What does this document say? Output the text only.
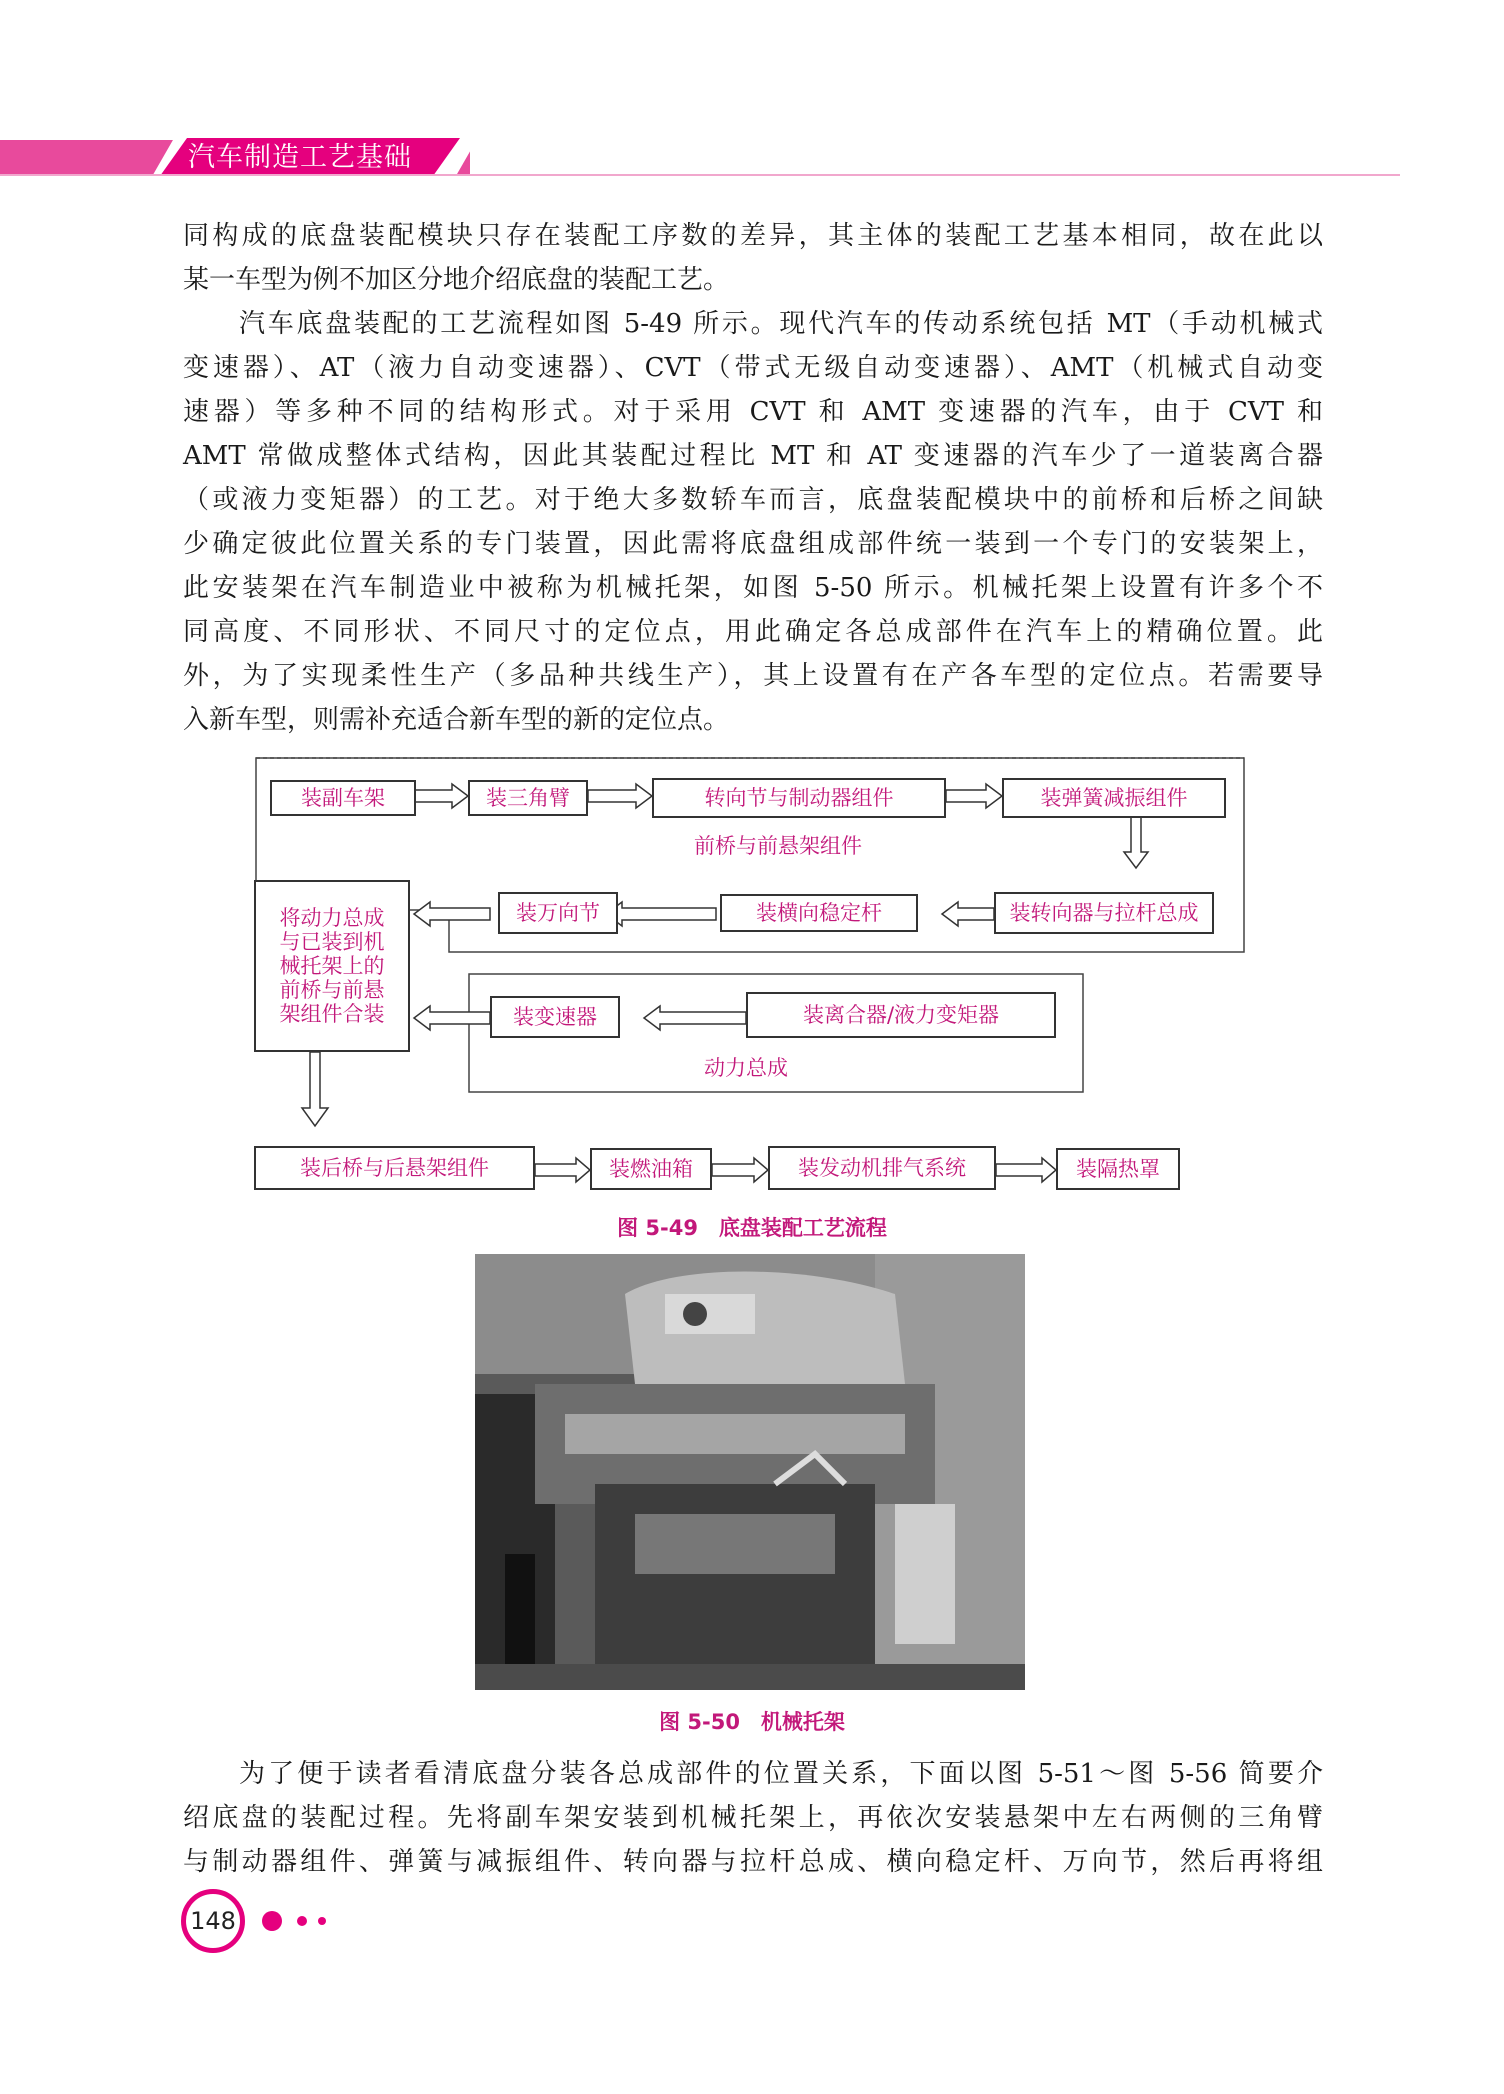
汽车制造工艺基础

同构成的底盘装配模块只存在装配工序数的差异，其主体的装配工艺基本相同，故在此以

某一车型为例不加区分地介绍底盘的装配工艺。

汽车底盘装配的工艺流程如图 5-49 所示。现代汽车的传动系统包括 MT（手动机械式

变速器）、AT（液力自动变速器）、CVT（带式无级自动变速器）、AMT（机械式自动变

速器）等多种不同的结构形式。对于采用 CVT 和 AMT 变速器的汽车，由于 CVT 和

AMT 常做成整体式结构，因此其装配过程比 MT 和 AT 变速器的汽车少了一道装离合器

（或液力变矩器）的工艺。对于绝大多数轿车而言，底盘装配模块中的前桥和后桥之间缺

少确定彼此位置关系的专门装置，因此需将底盘组成部件统一装到一个专门的安装架上，

此安装架在汽车制造业中被称为机械托架，如图 5-50 所示。机械托架上设置有许多个不

同高度、不同形状、不同尺寸的定位点，用此确定各总成部件在汽车上的精确位置。此

外，为了实现柔性生产（多品种共线生产），其上设置有在产各车型的定位点。若需要导

入新车型，则需补充适合新车型的新的定位点。

装副车架	装三角臂	转向节与制动器组件	装弹簧减振组件
前桥与前悬架组件
装转向器与拉杆总成
装横向稳定杆
装万向节
将动力总成
与已装到机
械托架上的
前桥与前悬
架组件合装	装变速器	装离合器/液力变矩器
动力总成
装后桥与后悬架组件	装燃油箱	装发动机排气系统	装隔热罩
图 5-49　底盘装配工艺流程
图 5-50　机械托架

为了便于读者看清底盘分装各总成部件的位置关系，下面以图 5-51～图 5-56 简要介

绍底盘的装配过程。先将副车架安装到机械托架上，再依次安装悬架中左右两侧的三角臂

与制动器组件、弹簧与减振组件、转向器与拉杆总成、横向稳定杆、万向节，然后再将组

148
